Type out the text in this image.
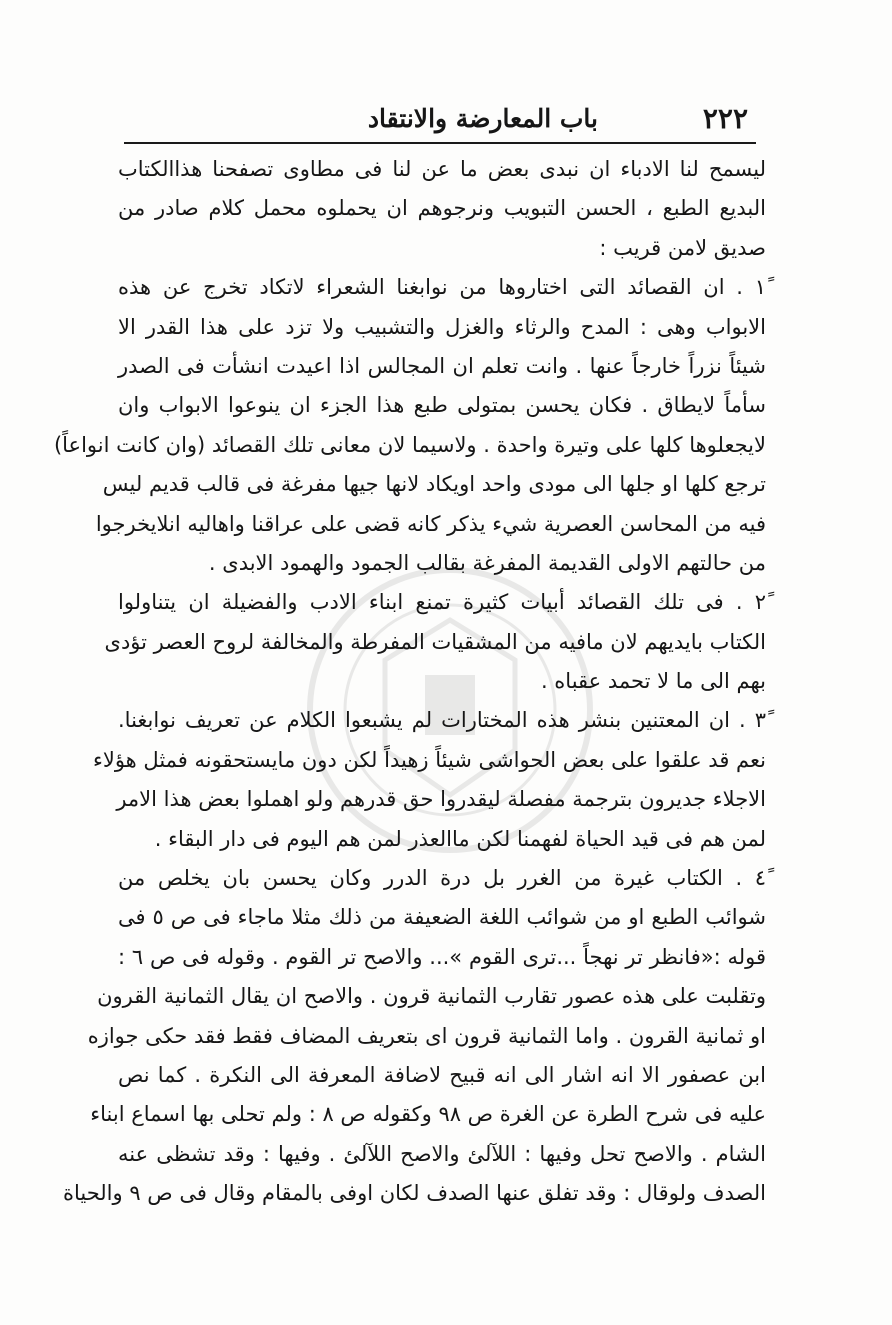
٢٢٢
باب المعارضة والانتقاد
ليسمح لنا الادباء ان نبدى بعض ما عن لنا فى مطاوى تصفحنا هذاالكتاب
البديع الطبع ، الحسن التبويب ونرجوهم ان يحملوه محمل كلام صادر من
صديق لامن قريب :
١ً . ان القصائد التى اختاروها من نوابغنا الشعراء لاتكاد تخرج عن هذه
الابواب وهى : المدح والرثاء والغزل والتشبيب ولا تزد على هذا القدر الا
شيئاً نزراً خارجاً عنها . وانت تعلم ان المجالس اذا اعيدت انشأت فى الصدر
سأماً لايطاق . فكان يحسن بمتولى طبع هذا الجزء ان ينوعوا الابواب وان
لايجعلوها كلها على وتيرة واحدة . ولاسيما لان معانى تلك القصائد (وان كانت انواعاً)
ترجع كلها او جلها الى مودى واحد اويكاد لانها جيها مفرغة فى قالب قديم ليس
فيه من المحاسن العصرية شيء يذكر كانه قضى على عراقنا واهاليه انلايخرجوا
من حالتهم الاولى القديمة المفرغة بقالب الجمود والهمود الابدى .
٢ً . فى تلك القصائد أبيات كثيرة تمنع ابناء الادب والفضيلة ان يتناولوا
الكتاب بايديهم لان مافيه من المشقيات المفرطة والمخالفة لروح العصر تؤدى
بهم الى ما لا تحمد عقباه .
٣ً . ان المعتنين بنشر هذه المختارات لم يشبعوا الكلام عن تعريف نوابغنا.
نعم قد علقوا على بعض الحواشى شيئاً زهيداً لكن دون مايستحقونه فمثل هؤلاء
الاجلاء جديرون بترجمة مفصلة ليقدروا حق قدرهم ولو اهملوا بعض هذا الامر
لمن هم فى قيد الحياة لفهمنا لكن ماالعذر لمن هم اليوم فى دار البقاء .
٤ً . الكتاب غيرة من الغرر بل درة الدرر وكان يحسن بان يخلص من
شوائب الطبع او من شوائب اللغة الضعيفة من ذلك مثلا ماجاء فى ص ٥ فى
قوله :«فانظر تر نهجاً ...ترى القوم »... والاصح تر القوم . وقوله فى ص ٦ :
وتقلبت على هذه عصور تقارب الثمانية قرون . والاصح ان يقال الثمانية القرون
او ثمانية القرون . واما الثمانية قرون اى بتعريف المضاف فقط فقد حكى جوازه
ابن عصفور الا انه اشار الى انه قبيح لاضافة المعرفة الى النكرة . كما نص
عليه فى شرح الطرة عن الغرة ص ٩٨ وكقوله ص ٨ : ولم تحلى بها اسماع ابناء
الشام . والاصح تحل وفيها : اللآلئ والاصح اللآلئ . وفيها : وقد تشظى عنه
الصدف ولوقال : وقد تفلق عنها الصدف لكان اوفى بالمقام وقال فى ص ٩ والحياة
